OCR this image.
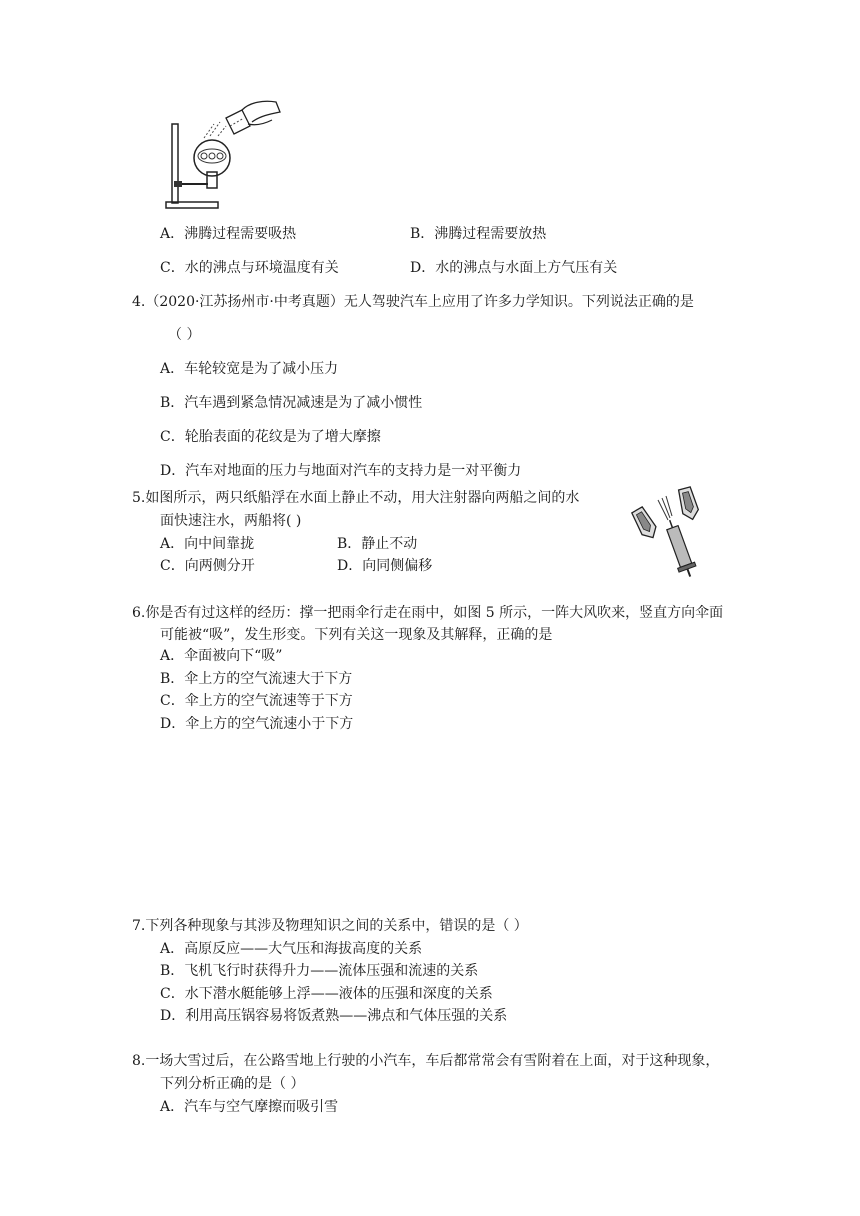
A．沸腾过程需要吸热	B．沸腾过程需要放热
C．水的沸点与环境温度有关	D．水的沸点与水面上方气压有关
4.（2020·江苏扬州市·中考真题）无人驾驶汽车上应用了许多力学知识。下列说法正确的是
（ ）
A．车轮较宽是为了减小压力
B．汽车遇到紧急情况减速是为了减小惯性
C．轮胎表面的花纹是为了增大摩擦
D．汽车对地面的压力与地面对汽车的支持力是一对平衡力
5.如图所示，两只纸船浮在水面上静止不动，用大注射器向两船之间的水
面快速注水，两船将( )
A．向中间靠拢	B．静止不动
C．向两侧分开	D．向同侧偏移
6.你是否有过这样的经历：撑一把雨伞行走在雨中，如图 5 所示，一阵大风吹来，竖直方向伞面
可能被“吸”，发生形变。下列有关这一现象及其解释，正确的是
A．伞面被向下“吸”
B．伞上方的空气流速大于下方
C．伞上方的空气流速等于下方
D．伞上方的空气流速小于下方
7.下列各种现象与其涉及物理知识之间的关系中，错误的是（ ）
A．高原反应——大气压和海拔高度的关系
B．飞机飞行时获得升力——流体压强和流速的关系
C．水下潜水艇能够上浮——液体的压强和深度的关系
D．利用高压锅容易将饭煮熟——沸点和气体压强的关系
8.一场大雪过后，在公路雪地上行驶的小汽车，车后都常常会有雪附着在上面，对于这种现象，
下列分析正确的是（ ）
A．汽车与空气摩擦而吸引雪
